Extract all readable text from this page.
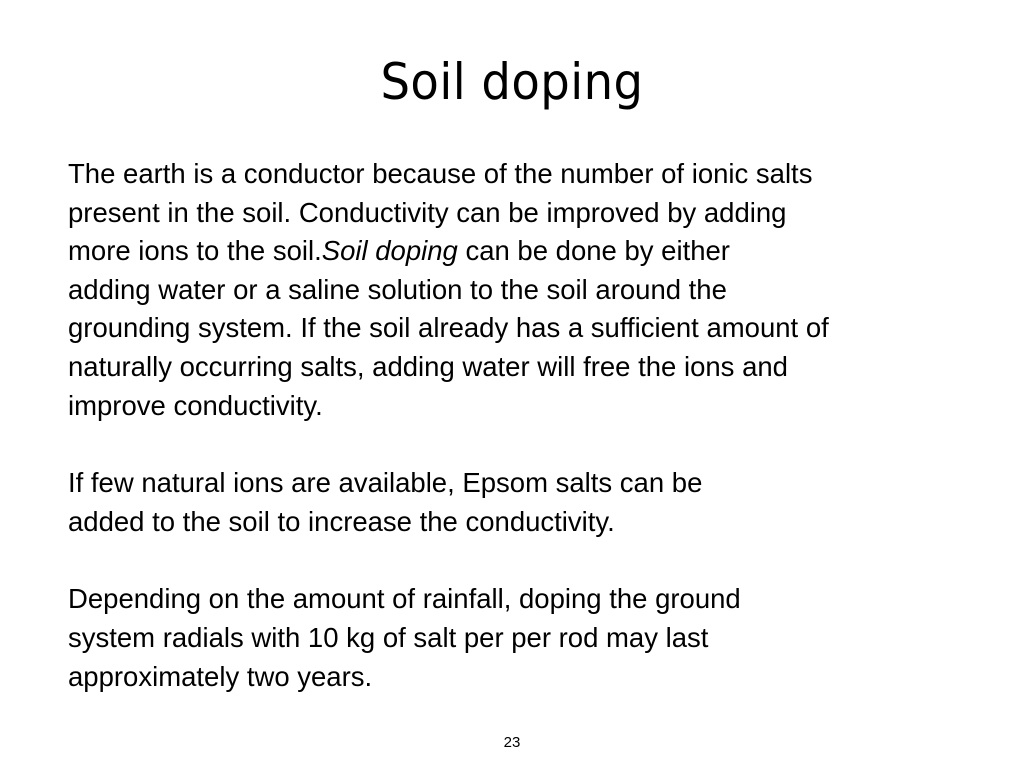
Soil doping

The earth is a conductor because of the number of ionic salts
present in the soil. Conductivity can be improved by adding
more ions to the soil.Soil doping can be done by either
adding water or a saline solution to the soil around the
grounding system. If the soil already has a sufficient amount of
naturally occurring salts, adding water will free the ions and
improve conductivity.

If few natural ions are available, Epsom salts can be
added to the soil to increase the conductivity.

Depending on the amount of rainfall, doping the ground
system radials with 10 kg of salt per per rod may last
approximately two years.

23
